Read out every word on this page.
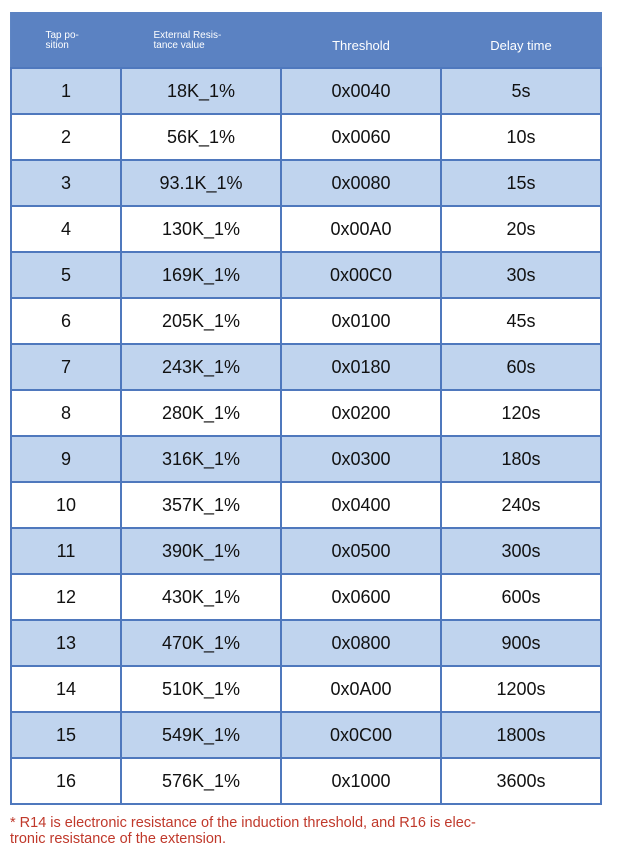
Tap po-
sition	External Resis-
tance value	Threshold	Delay time
1	18K_1%	0x0040	5s
2	56K_1%	0x0060	10s
3	93.1K_1%	0x0080	15s
4	130K_1%	0x00A0	20s
5	169K_1%	0x00C0	30s
6	205K_1%	0x0100	45s
7	243K_1%	0x0180	60s
8	280K_1%	0x0200	120s
9	316K_1%	0x0300	180s
10	357K_1%	0x0400	240s
11	390K_1%	0x0500	300s
12	430K_1%	0x0600	600s
13	470K_1%	0x0800	900s
14	510K_1%	0x0A00	1200s
15	549K_1%	0x0C00	1800s
16	576K_1%	0x1000	3600s
* R14 is electronic resistance of the induction threshold, and R16 is elec-
tronic resistance of the extension.
